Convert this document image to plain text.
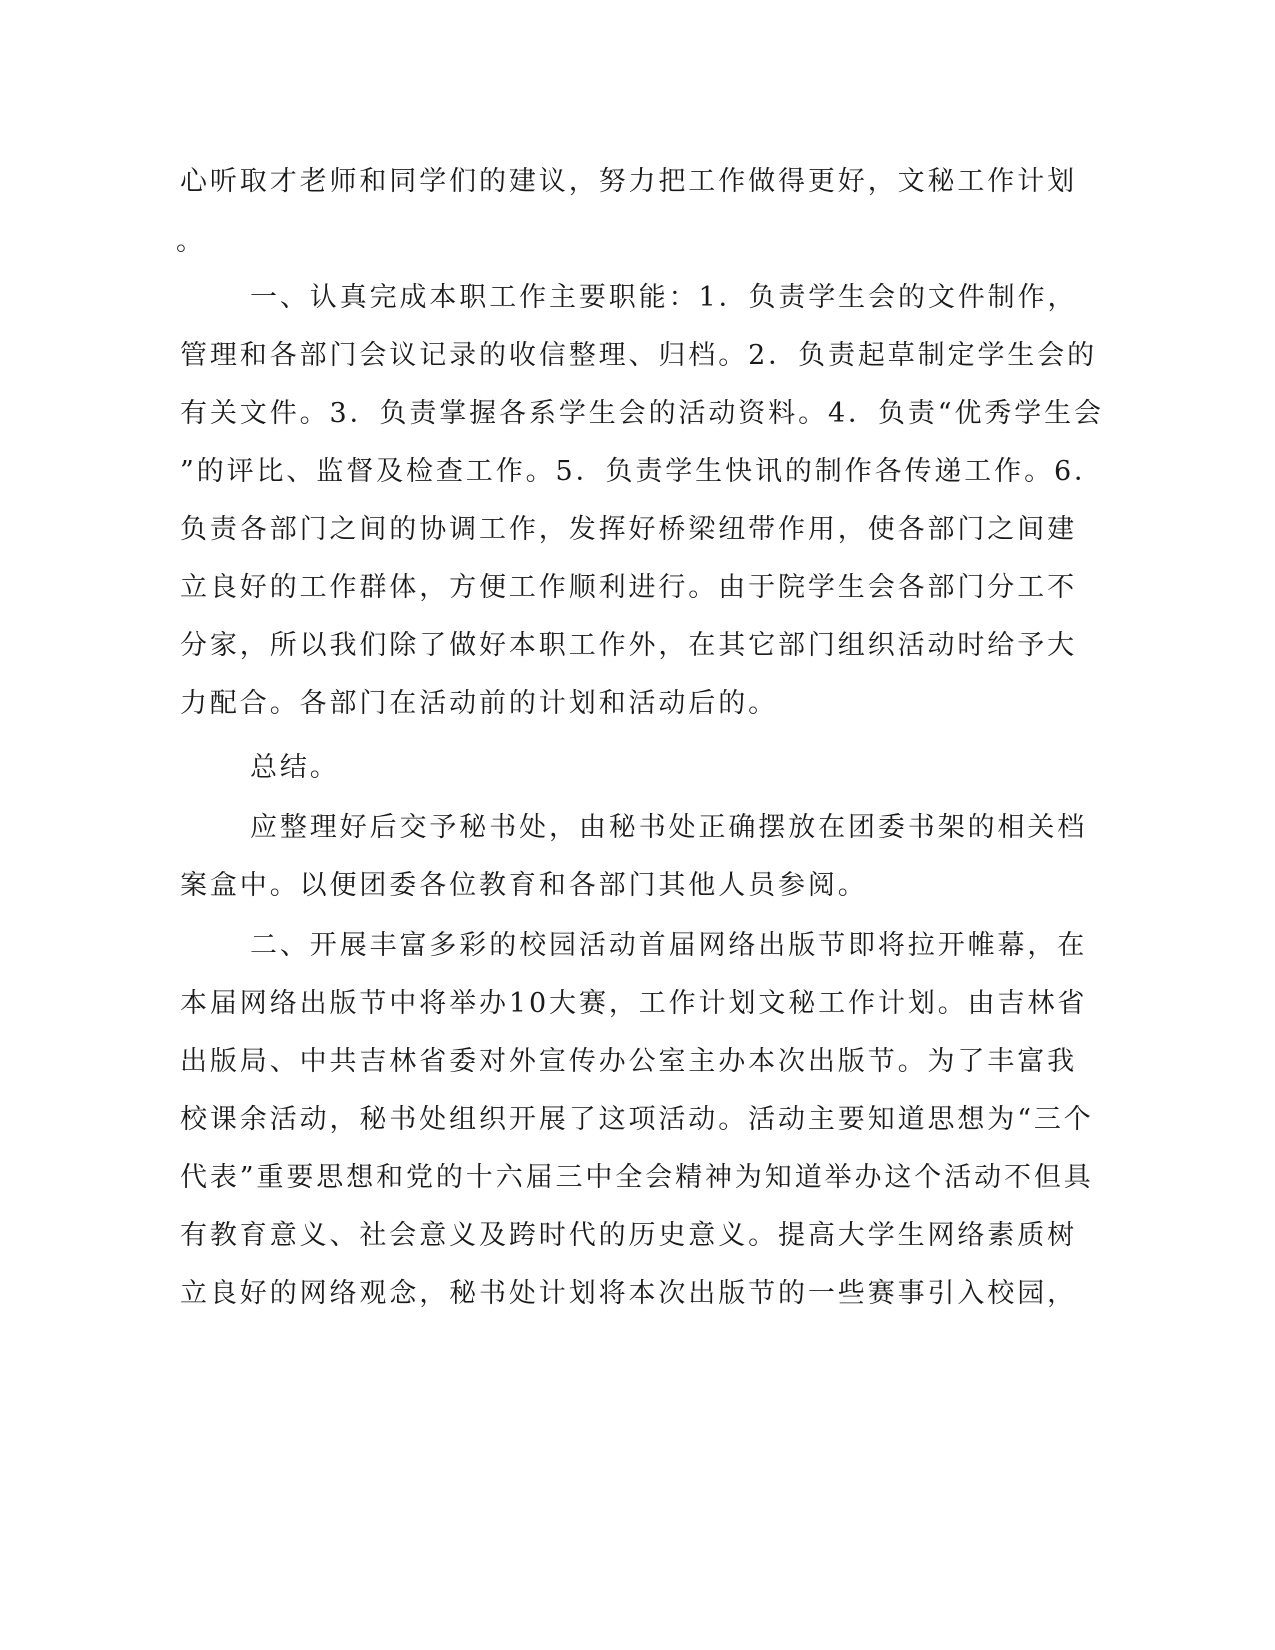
心听取才老师和同学们的建议，努力把工作做得更好，文秘工作计划
。
一、认真完成本职工作主要职能：1．负责学生会的文件制作，
管理和各部门会议记录的收信整理、归档。2．负责起草制定学生会的
有关文件。3．负责掌握各系学生会的活动资料。4．负责“优秀学生会
”的评比、监督及检查工作。5．负责学生快讯的制作各传递工作。6．
负责各部门之间的协调工作，发挥好桥梁纽带作用，使各部门之间建
立良好的工作群体，方便工作顺利进行。由于院学生会各部门分工不
分家，所以我们除了做好本职工作外，在其它部门组织活动时给予大
力配合。各部门在活动前的计划和活动后的。
总结。
应整理好后交予秘书处，由秘书处正确摆放在团委书架的相关档
案盒中。以便团委各位教育和各部门其他人员参阅。
二、开展丰富多彩的校园活动首届网络出版节即将拉开帷幕，在
本届网络出版节中将举办10大赛，工作计划文秘工作计划。由吉林省
出版局、中共吉林省委对外宣传办公室主办本次出版节。为了丰富我
校课余活动，秘书处组织开展了这项活动。活动主要知道思想为“三个
代表”重要思想和党的十六届三中全会精神为知道举办这个活动不但具
有教育意义、社会意义及跨时代的历史意义。提高大学生网络素质树
立良好的网络观念，秘书处计划将本次出版节的一些赛事引入校园，
